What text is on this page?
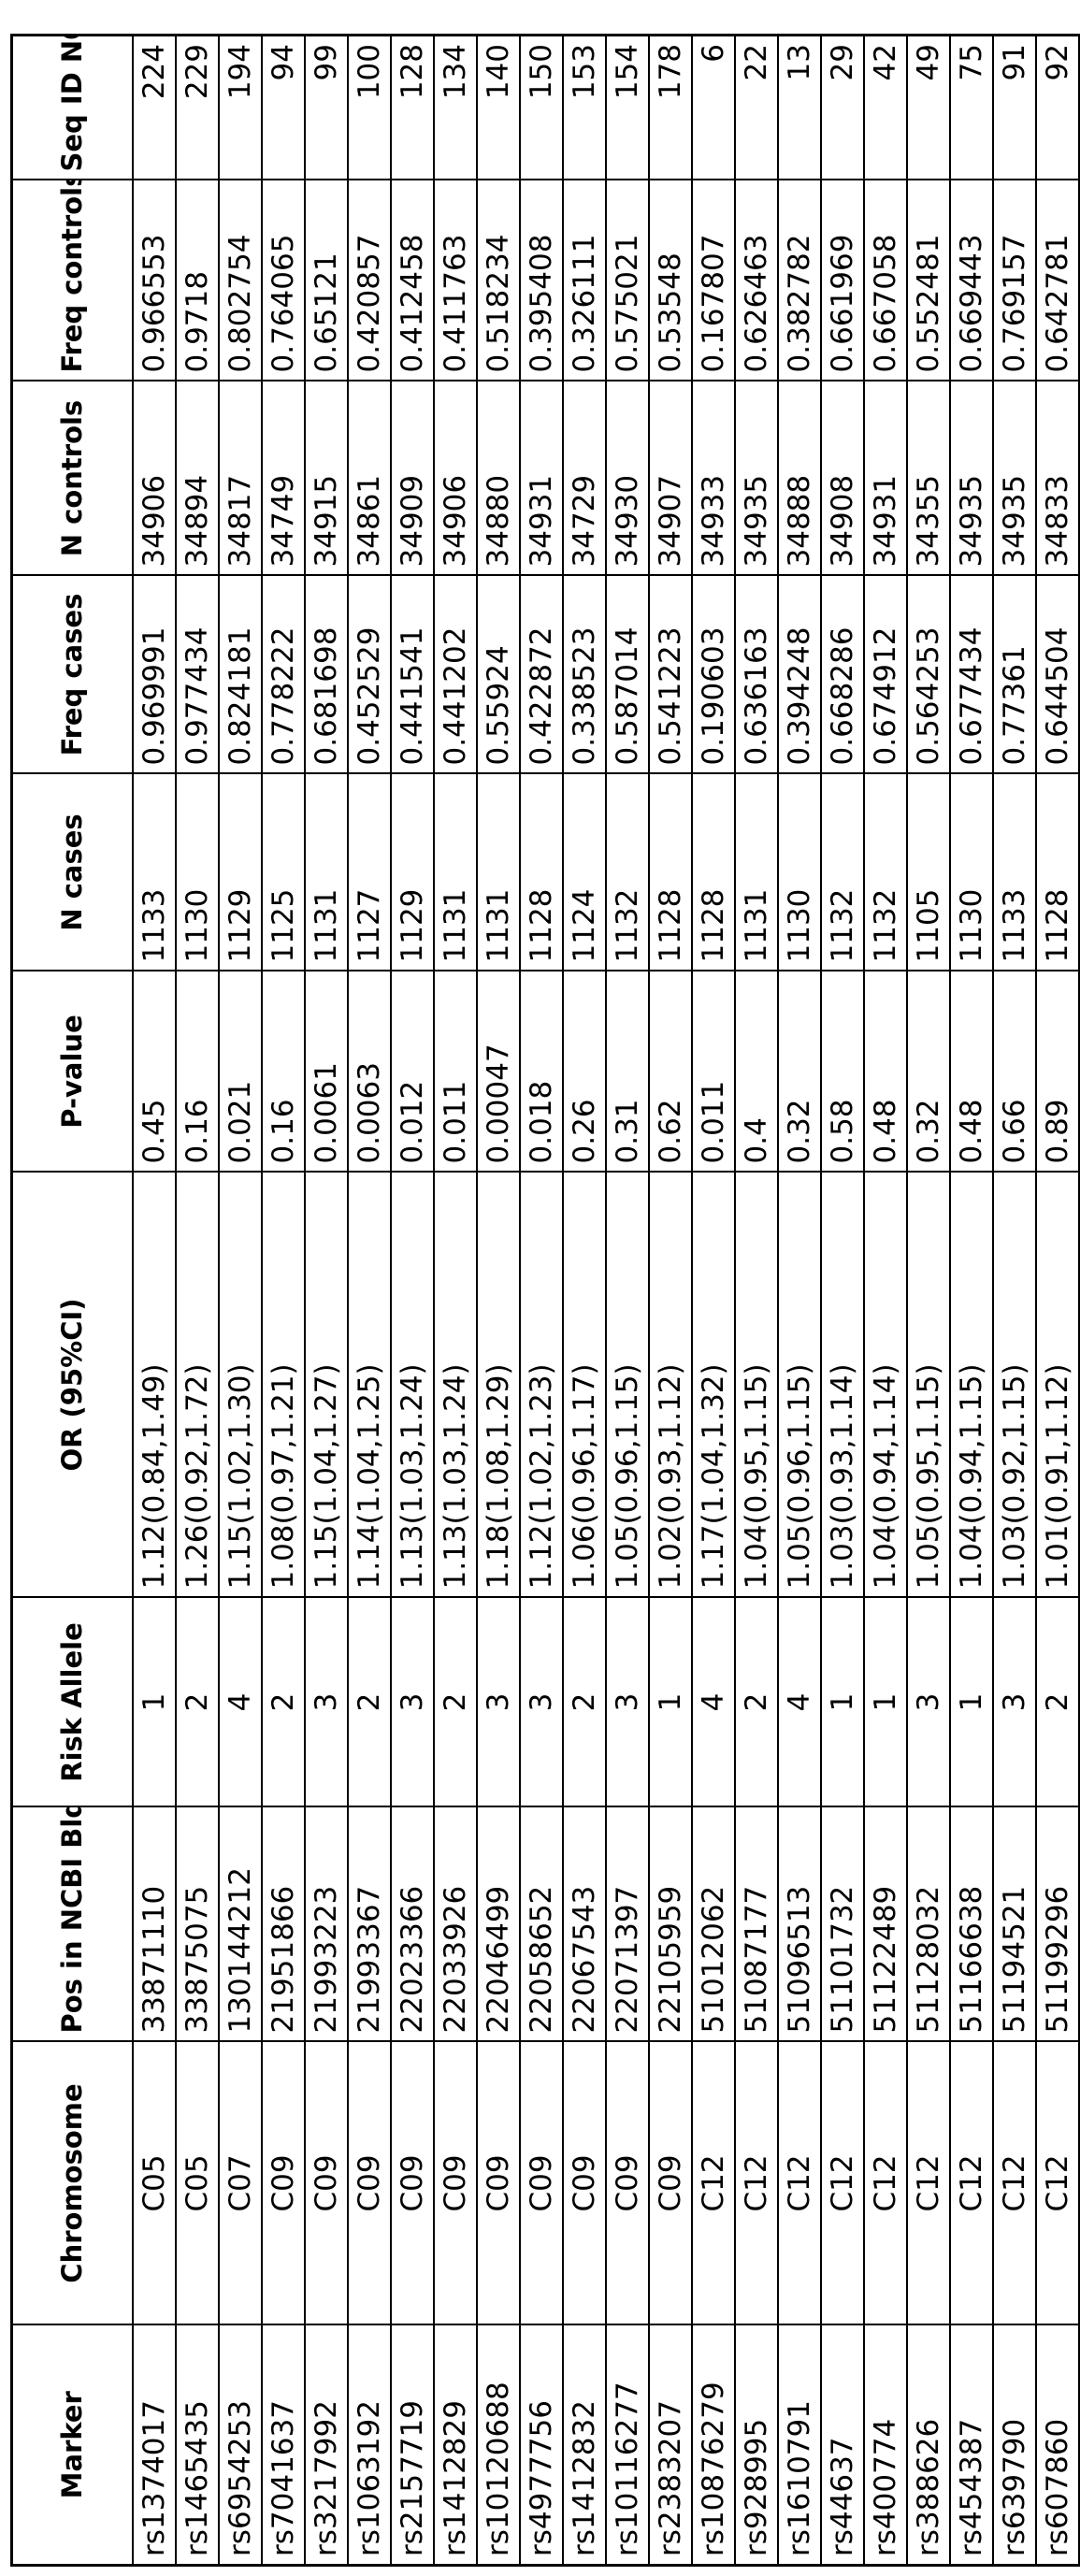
Marker	Chromosome	Pos in NCBI Bld 36	Risk Allele	OR (95%CI)	P-value	N cases	Freq cases	N controls	Freq controls	Seq ID NO:
rs1374017	C05	33871110	1	1.12(0.84,1.49)	0.45	1133	0.969991	34906	0.966553	224
rs1465435	C05	33875075	2	1.26(0.92,1.72)	0.16	1130	0.977434	34894	0.9718	229
rs6954253	C07	130144212	4	1.15(1.02,1.30)	0.021	1129	0.824181	34817	0.802754	194
rs7041637	C09	21951866	2	1.08(0.97,1.21)	0.16	1125	0.778222	34749	0.764065	94
rs3217992	C09	21993223	3	1.15(1.04,1.27)	0.0061	1131	0.681698	34915	0.65121	99
rs1063192	C09	21993367	2	1.14(1.04,1.25)	0.0063	1127	0.452529	34861	0.420857	100
rs2157719	C09	22023366	3	1.13(1.03,1.24)	0.012	1129	0.441541	34909	0.412458	128
rs1412829	C09	22033926	2	1.13(1.03,1.24)	0.011	1131	0.441202	34906	0.411763	134
rs10120688	C09	22046499	3	1.18(1.08,1.29)	0.00047	1131	0.55924	34880	0.518234	140
rs4977756	C09	22058652	3	1.12(1.02,1.23)	0.018	1128	0.422872	34931	0.395408	150
rs1412832	C09	22067543	2	1.06(0.96,1.17)	0.26	1124	0.338523	34729	0.326111	153
rs10116277	C09	22071397	3	1.05(0.96,1.15)	0.31	1132	0.587014	34930	0.575021	154
rs2383207	C09	22105959	1	1.02(0.93,1.12)	0.62	1128	0.541223	34907	0.53548	178
rs10876279	C12	51012062	4	1.17(1.04,1.32)	0.011	1128	0.190603	34933	0.167807	6
rs928995	C12	51087177	2	1.04(0.95,1.15)	0.4	1131	0.636163	34935	0.626463	22
rs1610791	C12	51096513	4	1.05(0.96,1.15)	0.32	1130	0.394248	34888	0.382782	13
rs44637	C12	51101732	1	1.03(0.93,1.14)	0.58	1132	0.668286	34908	0.661969	29
rs400774	C12	51122489	1	1.04(0.94,1.14)	0.48	1132	0.674912	34931	0.667058	42
rs388626	C12	51128032	3	1.05(0.95,1.15)	0.32	1105	0.564253	34355	0.552481	49
rs454387	C12	51166638	1	1.04(0.94,1.15)	0.48	1130	0.677434	34935	0.669443	75
rs639790	C12	51194521	3	1.03(0.92,1.15)	0.66	1133	0.77361	34935	0.769157	91
rs607860	C12	51199296	2	1.01(0.91,1.12)	0.89	1128	0.644504	34833	0.642781	92
